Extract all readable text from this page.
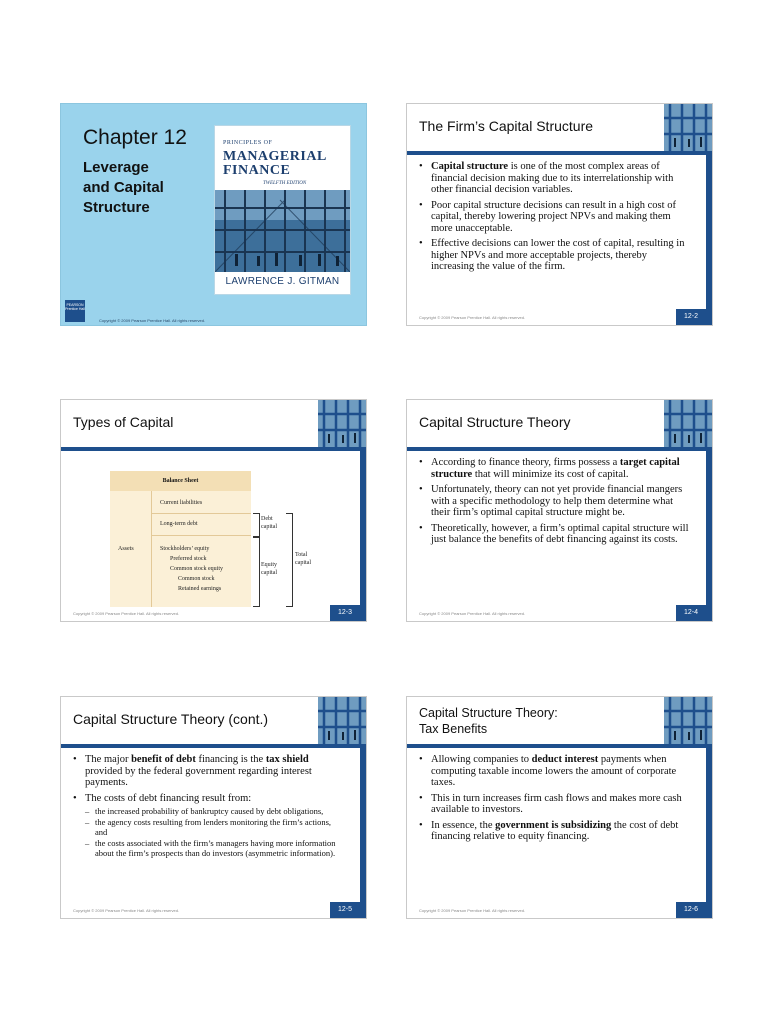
Chapter 12
Leverage
and Capital
Structure
PRINCIPLES OF
MANAGERIAL
FINANCE
TWELFTH EDITION
LAWRENCE J. GITMAN
PEARSON Prentice Hall
Copyright © 2009 Pearson Prentice Hall. All rights reserved.
The Firm’s Capital Structure
• Capital structure is one of the most complex areas of financial decision making due to its interrelationship with other financial decision variables.
• Poor capital structure decisions can result in a high cost of capital, thereby lowering project NPVs and making them more unacceptable.
• Effective decisions can lower the cost of capital, resulting in higher NPVs and more acceptable projects, thereby increasing the value of the firm.
Copyright © 2009 Pearson Prentice Hall. All rights reserved.	12-2
Types of Capital
Balance Sheet
Assets
Current liabilities
Long-term debt
Stockholders’ equity
Preferred stock
Common stock equity
Common stock
Retained earnings
Debt
capital
Equity
capital
Total
capital
Copyright © 2009 Pearson Prentice Hall. All rights reserved.	12-3
Capital Structure Theory
• According to finance theory, firms possess a target capital structure that will minimize its cost of capital.
• Unfortunately, theory can not yet provide financial mangers with a specific methodology to help them determine what their firm’s optimal capital structure might be.
• Theoretically, however, a firm’s optimal capital structure will just balance the benefits of debt financing against its costs.
Copyright © 2009 Pearson Prentice Hall. All rights reserved.	12-4
Capital Structure Theory (cont.)
• The major benefit of debt financing is the tax shield provided by the federal government regarding interest payments.
• The costs of debt financing result from:
– the increased probability of bankruptcy caused by debt obligations,
– the agency costs resulting from lenders monitoring the firm’s actions, and
– the costs associated with the firm’s managers having more information about the firm’s prospects than do investors (asymmetric information).
Copyright © 2009 Pearson Prentice Hall. All rights reserved.	12-5
Capital Structure Theory:
Tax Benefits
• Allowing companies to deduct interest payments when computing taxable income lowers the amount of corporate taxes.
• This in turn increases firm cash flows and makes more cash available to investors.
• In essence, the government is subsidizing the cost of debt financing relative to equity financing.
Copyright © 2009 Pearson Prentice Hall. All rights reserved.	12-6
